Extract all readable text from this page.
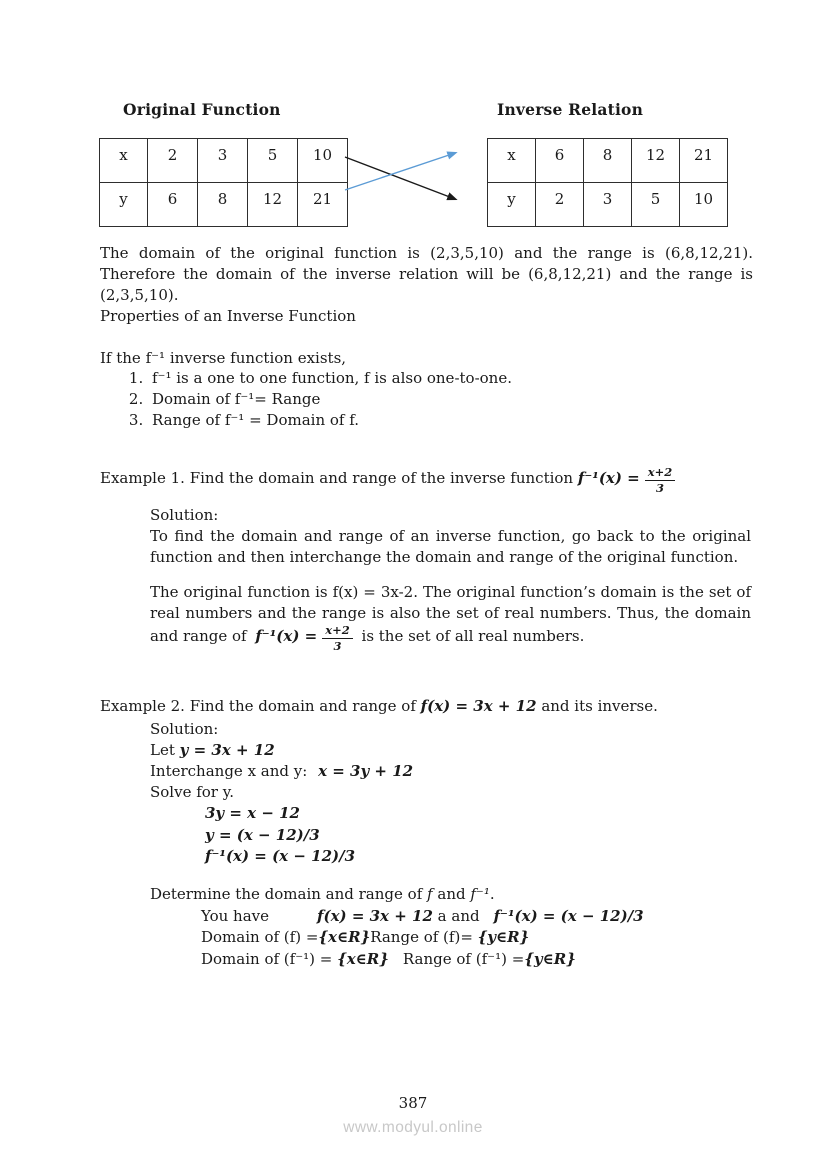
Original Function	Inverse Relation
x	2	3	5	10
y	6	8	12	21
x	6	8	12	21
y	2	3	5	10

The domain of the original function is (2,3,5,10) and the range is (6,8,12,21). Therefore the domain of the inverse relation will be (6,8,12,21) and the range is (2,3,5,10).

Properties of an Inverse Function

If the f⁻¹ inverse function exists,

1. f⁻¹ is a one to one function, f is also one-to-one.
2. Domain of f⁻¹= Range
3. Range of f⁻¹ = Domain of f.

Example 1. Find the domain and range of the inverse function $f^{-1}(x) = \frac{x+2}{3}$

Solution:

To find the domain and range of an inverse function, go back to the original function and then interchange the domain and range of the original function.

The original function is f(x) = 3x-2. The original function’s domain is the set of real numbers and the range is also the set of real numbers. Thus, the domain and range of $f^{-1}(x) = \frac{x+2}{3}$ is the set of all real numbers.

Example 2. Find the domain and range of f(x) = 3x + 12 and its inverse.

Solution:

Let y = 3x + 12

Interchange x and y: x = 3y + 12

Solve for y.

3y = x − 12
y = (x − 12)/3
f⁻¹(x) = (x − 12)/3

Determine the domain and range of f and f⁻¹.

You have	f(x) = 3x + 12 a and f⁻¹(x) = (x − 12)/3

Domain of (f) ={x∈R}Range of (f)= {y∈R}

Domain of (f⁻¹) = {x∈R} Range of (f⁻¹) ={y∈R}

387
www.modyul.online
